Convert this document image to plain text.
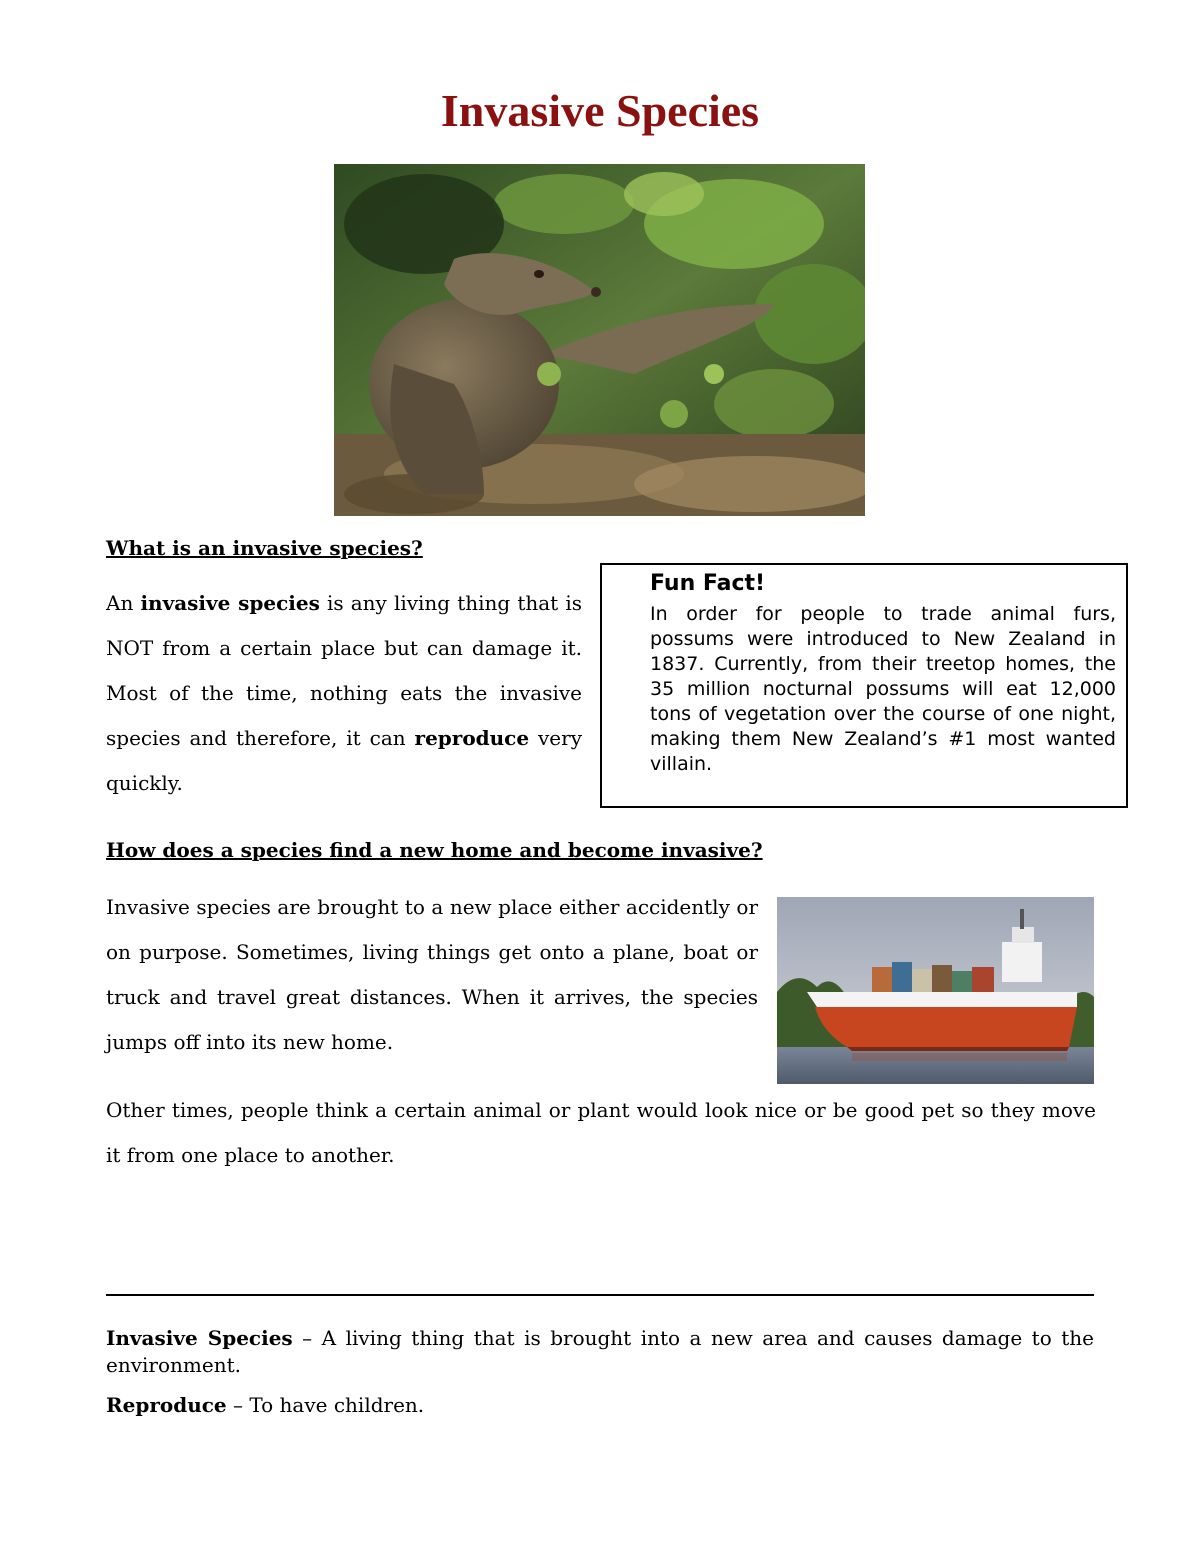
Invasive Species
What is an invasive species?

An invasive species is any living thing that is NOT from a certain place but can damage it. Most of the time, nothing eats the invasive species and therefore, it can reproduce very quickly.

Fun Fact!

In order for people to trade animal furs, possums were introduced to New Zealand in 1837. Currently, from their treetop homes, the 35 million nocturnal possums will eat 12,000 tons of vegetation over the course of one night, making them New Zealand’s #1 most wanted villain.

How does a species find a new home and become invasive?

Invasive species are brought to a new place either accidently or on purpose. Sometimes, living things get onto a plane, boat or truck and travel great distances. When it arrives, the species jumps off into its new home.

Other times, people think a certain animal or plant would look nice or be good pet so they move it from one place to another.

Invasive Species – A living thing that is brought into a new area and causes damage to the environment.

Reproduce – To have children.
